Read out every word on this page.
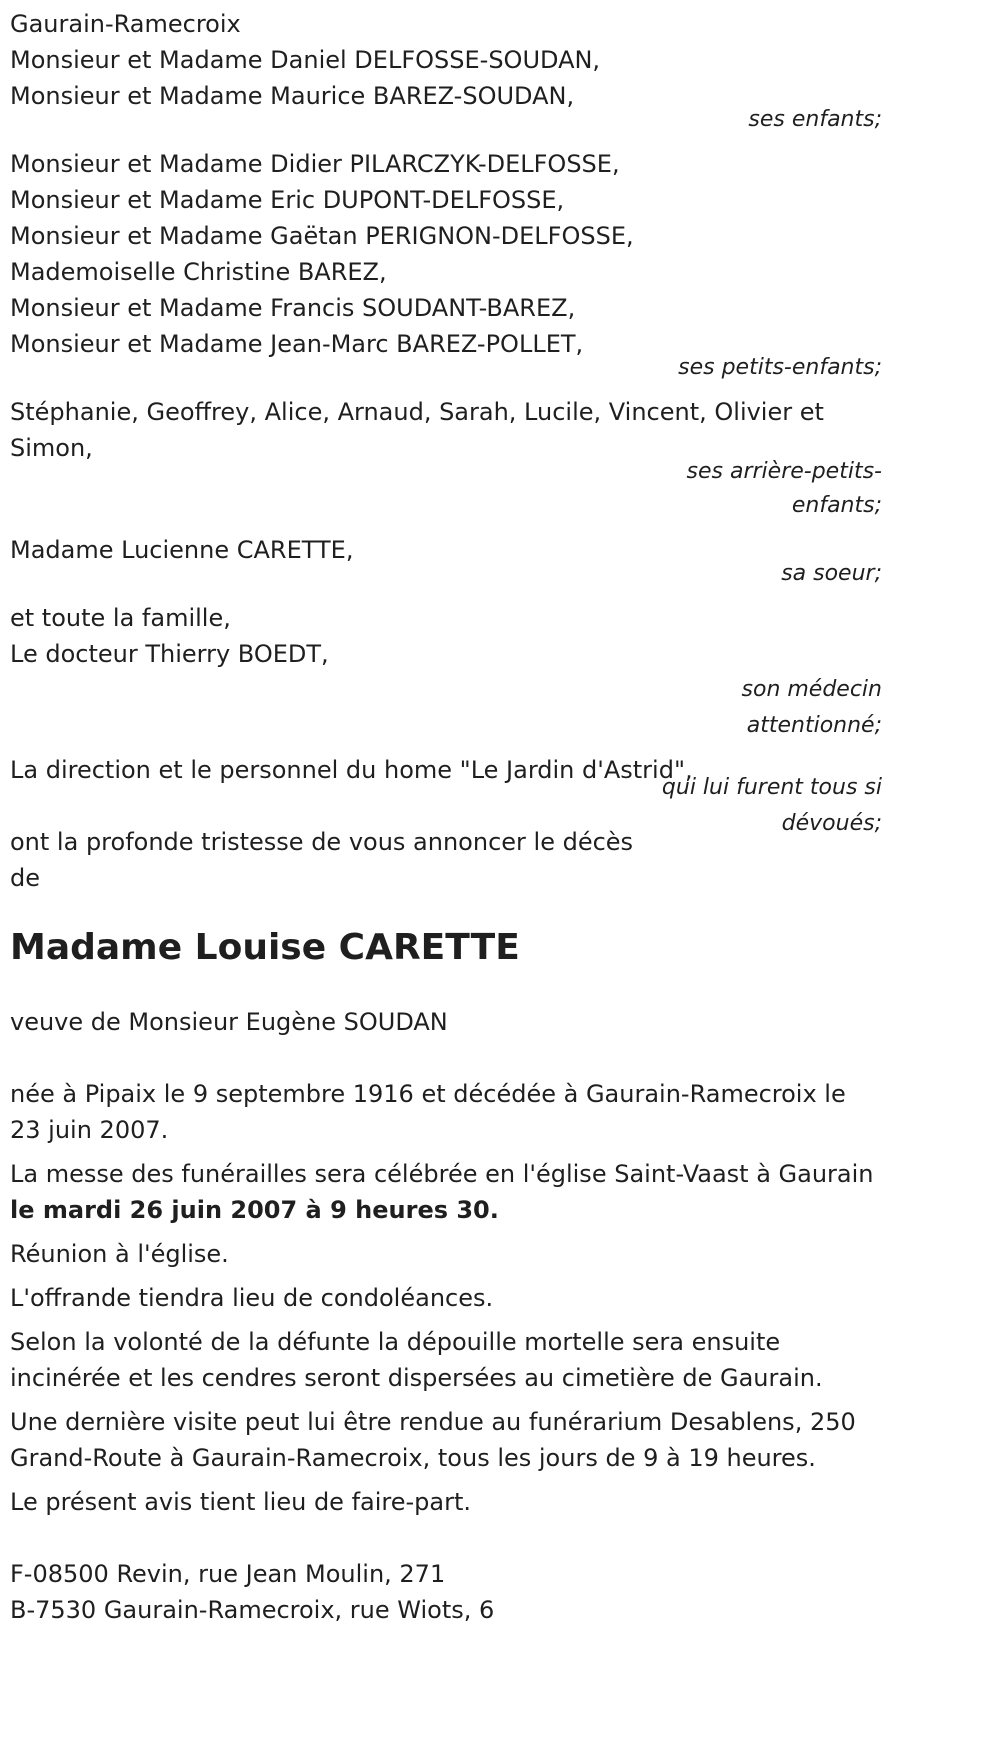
Gaurain-Ramecroix
Monsieur et Madame Daniel DELFOSSE-SOUDAN,
Monsieur et Madame Maurice BAREZ-SOUDAN,
ses enfants;
Monsieur et Madame Didier PILARCZYK-DELFOSSE,
Monsieur et Madame Eric DUPONT-DELFOSSE,
Monsieur et Madame Gaëtan PERIGNON-DELFOSSE,
Mademoiselle Christine BAREZ,
Monsieur et Madame Francis SOUDANT-BAREZ,
Monsieur et Madame Jean-Marc BAREZ-POLLET,
ses petits-enfants;
Stéphanie, Geoffrey, Alice, Arnaud, Sarah, Lucile, Vincent, Olivier et
Simon,
ses arrière-petits-
enfants;
Madame Lucienne CARETTE,
sa soeur;
et toute la famille,
Le docteur Thierry BOEDT,
son médecin
attentionné;
La direction et le personnel du home "Le Jardin d'Astrid",
qui lui furent tous si
dévoués;
ont la profonde tristesse de vous annoncer le décès
de
Madame Louise CARETTE
veuve de Monsieur Eugène SOUDAN

née à Pipaix le 9 septembre 1916 et décédée à Gaurain-Ramecroix le 23 juin 2007.

La messe des funérailles sera célébrée en l'église Saint-Vaast à Gaurain le mardi 26 juin 2007 à 9 heures 30.

Réunion à l'église.

L'offrande tiendra lieu de condoléances.

Selon la volonté de la défunte la dépouille mortelle sera ensuite incinérée et les cendres seront dispersées au cimetière de Gaurain.

Une dernière visite peut lui être rendue au funérarium Desablens, 250 Grand-Route à Gaurain-Ramecroix, tous les jours de 9 à 19 heures.

Le présent avis tient lieu de faire-part.

F-08500 Revin, rue Jean Moulin, 271
B-7530 Gaurain-Ramecroix, rue Wiots, 6
